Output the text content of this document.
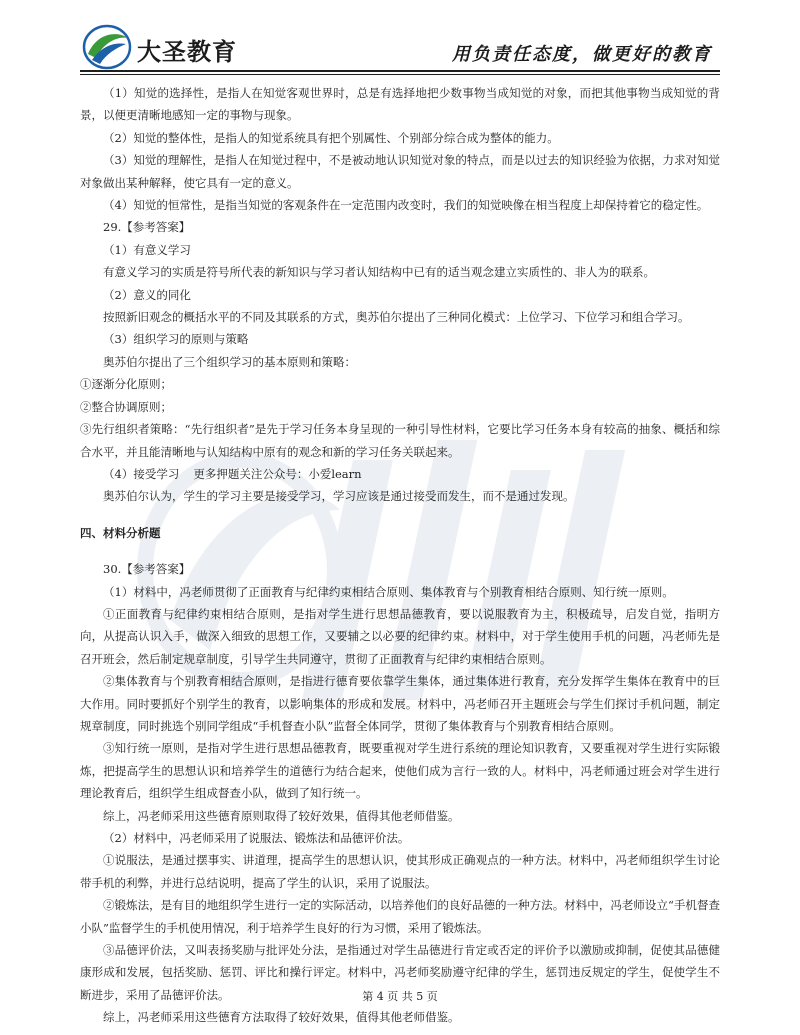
大圣教育	用负责任态度，做更好的教育

（1）知觉的选择性，是指人在知觉客观世界时，总是有选择地把少数事物当成知觉的对象，而把其他事物当成知觉的背景，以便更清晰地感知一定的事物与现象。

（2）知觉的整体性，是指人的知觉系统具有把个别属性、个别部分综合成为整体的能力。

（3）知觉的理解性，是指人在知觉过程中，不是被动地认识知觉对象的特点，而是以过去的知识经验为依据，力求对知觉对象做出某种解释，使它具有一定的意义。

（4）知觉的恒常性，是指当知觉的客观条件在一定范围内改变时，我们的知觉映像在相当程度上却保持着它的稳定性。

29.【参考答案】

（1）有意义学习

有意义学习的实质是符号所代表的新知识与学习者认知结构中已有的适当观念建立实质性的、非人为的联系。

（2）意义的同化

按照新旧观念的概括水平的不同及其联系的方式，奥苏伯尔提出了三种同化模式：上位学习、下位学习和组合学习。

（3）组织学习的原则与策略

奥苏伯尔提出了三个组织学习的基本原则和策略：

①逐渐分化原则；

②整合协调原则；

③先行组织者策略：“先行组织者”是先于学习任务本身呈现的一种引导性材料，它要比学习任务本身有较高的抽象、概括和综合水平，并且能清晰地与认知结构中原有的观念和新的学习任务关联起来。

（4）接受学习 更多押题关注公众号：小爱learn

奥苏伯尔认为，学生的学习主要是接受学习，学习应该是通过接受而发生，而不是通过发现。

四、材料分析题

30.【参考答案】

（1）材料中，冯老师贯彻了正面教育与纪律约束相结合原则、集体教育与个别教育相结合原则、知行统一原则。

①正面教育与纪律约束相结合原则，是指对学生进行思想品德教育，要以说服教育为主，积极疏导，启发自觉，指明方向，从提高认识入手，做深入细致的思想工作，又要辅之以必要的纪律约束。材料中，对于学生使用手机的问题，冯老师先是召开班会，然后制定规章制度，引导学生共同遵守，贯彻了正面教育与纪律约束相结合原则。

②集体教育与个别教育相结合原则，是指进行德育要依靠学生集体，通过集体进行教育，充分发挥学生集体在教育中的巨大作用。同时要抓好个别学生的教育，以影响集体的形成和发展。材料中，冯老师召开主题班会与学生们探讨手机问题，制定规章制度，同时挑选个别同学组成“手机督查小队”监督全体同学，贯彻了集体教育与个别教育相结合原则。

③知行统一原则，是指对学生进行思想品德教育，既要重视对学生进行系统的理论知识教育，又要重视对学生进行实际锻炼，把提高学生的思想认识和培养学生的道德行为结合起来，使他们成为言行一致的人。材料中，冯老师通过班会对学生进行理论教育后，组织学生组成督查小队，做到了知行统一。

综上，冯老师采用这些德育原则取得了较好效果，值得其他老师借鉴。

（2）材料中，冯老师采用了说服法、锻炼法和品德评价法。

①说服法，是通过摆事实、讲道理，提高学生的思想认识，使其形成正确观点的一种方法。材料中，冯老师组织学生讨论带手机的利弊，并进行总结说明，提高了学生的认识，采用了说服法。

②锻炼法，是有目的地组织学生进行一定的实际活动，以培养他们的良好品德的一种方法。材料中，冯老师设立“手机督查小队”监督学生的手机使用情况，利于培养学生良好的行为习惯，采用了锻炼法。

③品德评价法，又叫表扬奖励与批评处分法，是指通过对学生品德进行肯定或否定的评价予以激励或抑制，促使其品德健康形成和发展，包括奖励、惩罚、评比和操行评定。材料中，冯老师奖励遵守纪律的学生，惩罚违反规定的学生，促使学生不断进步，采用了品德评价法。

综上，冯老师采用这些德育方法取得了较好效果，值得其他老师借鉴。

第 4 页 共 5 页
